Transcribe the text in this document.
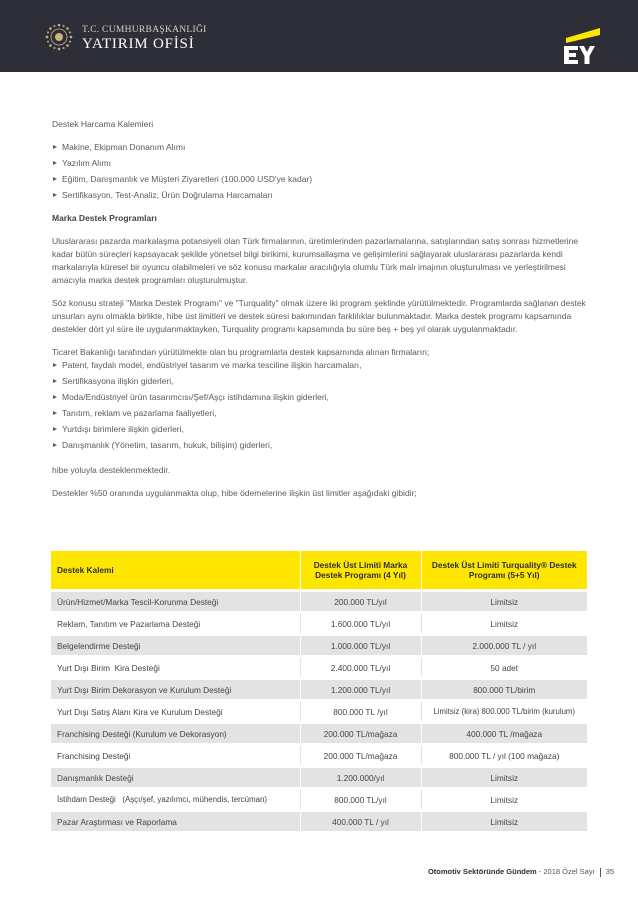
T.C. CUMHURBAŞKANLIĞI
YATIRIM OFİSİ

Destek Harcama Kalemleri

Makine, Ekipman Donanım Alımı
Yazılım Alımı
Eğitim, Danışmanlık ve Müşteri Ziyaretleri (100.000 USD'ye kadar)
Sertifikasyon, Test-Analiz, Ürün Doğrulama Harcamaları

Marka Destek Programları

Uluslararası pazarda markalaşma potansiyeli olan Türk firmalarının, üretimlerinden pazarlamalarına, satışlarından satış sonrası hizmetlerine kadar bütün süreçleri kapsayacak şekilde yönetsel bilgi birikimi, kurumsallaşma ve gelişimlerini sağlayarak uluslararası pazarlarda kendi markalarıyla küresel bir oyuncu olabilmeleri ve söz konusu markalar aracılığıyla olumlu Türk malı imajının oluşturulması ve yerleştirilmesi amacıyla marka destek programları oluşturulmuştur.

Söz konusu strateji "Marka Destek Programı" ve "Turquality" olmak üzere iki program şeklinde yürütülmektedir. Programlarda sağlanan destek unsurları aynı olmakla birlikte, hibe üst limitleri ve destek süresi bakımından farklılıklar bulunmaktadır. Marka destek programı kapsamında destekler dört yıl süre ile uygulanmaktayken, Turquality programı kapsamında bu süre beş + beş yıl olarak uygulanmaktadır.

Ticaret Bakanlığı tarafından yürütülmekte olan bu programlarla destek kapsamında alınan firmaların;

Patent, faydalı model, endüstriyel tasarım ve marka tesciline ilişkin harcamaları,
Sertifikasyona ilişkin giderleri,
Moda/Endüstriyel ürün tasarımcısı/Şef/Aşçı istihdamına ilişkin giderleri,
Tanıtım, reklam ve pazarlama faaliyetleri,
Yurtdışı birimlere ilişkin giderleri,
Danışmanlık (Yönetim, tasarım, hukuk, bilişim) giderleri,

hibe yoluyla desteklenmektedir.

Destekler %50 oranında uygulanmakta olup, hibe ödemelerine ilişkin üst limitler aşağıdaki gibidir;

Destek Kalemi	Destek Üst Limiti Marka Destek Programı (4 Yıl)	Destek Üst Limiti Turquality® Destek Programı (5+5 Yıl)
Ürün/Hizmet/Marka Tescil-Korunma Desteği	200.000 TL/yıl	Limitsiz
Reklam, Tanıtım ve Pazarlama Desteği	1.600.000 TL/yıl	Limitsiz
Belgelendirme Desteği	1.000.000 TL/yıl	2.000.000 TL / yıl
Yurt Dışı Birim  Kira Desteği	2.400.000 TL/yıl	50 adet
Yurt Dışı Birim Dekorasyon ve Kurulum Desteği	1.200.000 TL/yıl	800.000 TL/birim
Yurt Dışı Satış Alanı Kira ve Kurulum Desteği	800.000 TL /yıl	Limitsiz (kira) 800.000 TL/birim (kurulum)
Franchising Desteği (Kurulum ve Dekorasyon)	200.000 TL/mağaza	400.000 TL /mağaza
Franchising Desteği	200.000 TL/mağaza	800.000 TL / yıl (100 mağaza)
Danışmanlık Desteği	1.200.000/yıl	Limitsiz
İstihdam Desteği   (Aşçı/şef, yazılımcı, mühendis, tercüman)	800.000 TL/yıl	Limitsiz
Pazar Araştırması ve Raporlama	400.000 TL / yıl	Limitsiz
Otomotiv Sektöründe Gündem - 2018 Özel Sayı 35
